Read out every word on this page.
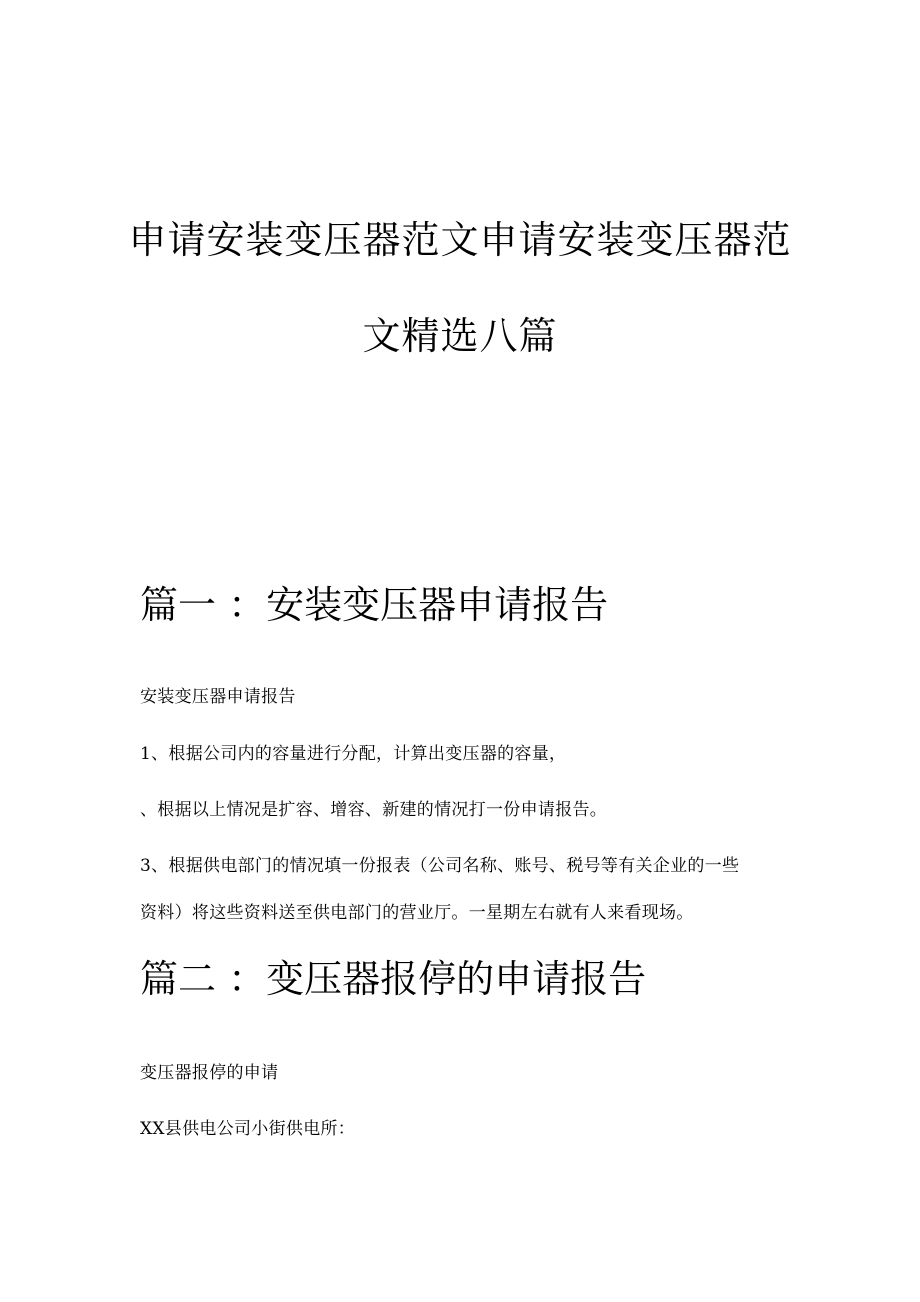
申请安装变压器范文申请安装变压器范
文精选八篇
篇一 ：安装变压器申请报告

安装变压器申请报告

1、根据公司内的容量进行分配，计算出变压器的容量，

、根据以上情况是扩容、增容、新建的情况打一份申请报告。

3、根据供电部门的情况填一份报表（公司名称、账号、税号等有关企业的一些

资料）将这些资料送至供电部门的营业厅。一星期左右就有人来看现场。

篇二 ：变压器报停的申请报告

变压器报停的申请

XX县供电公司小街供电所：
